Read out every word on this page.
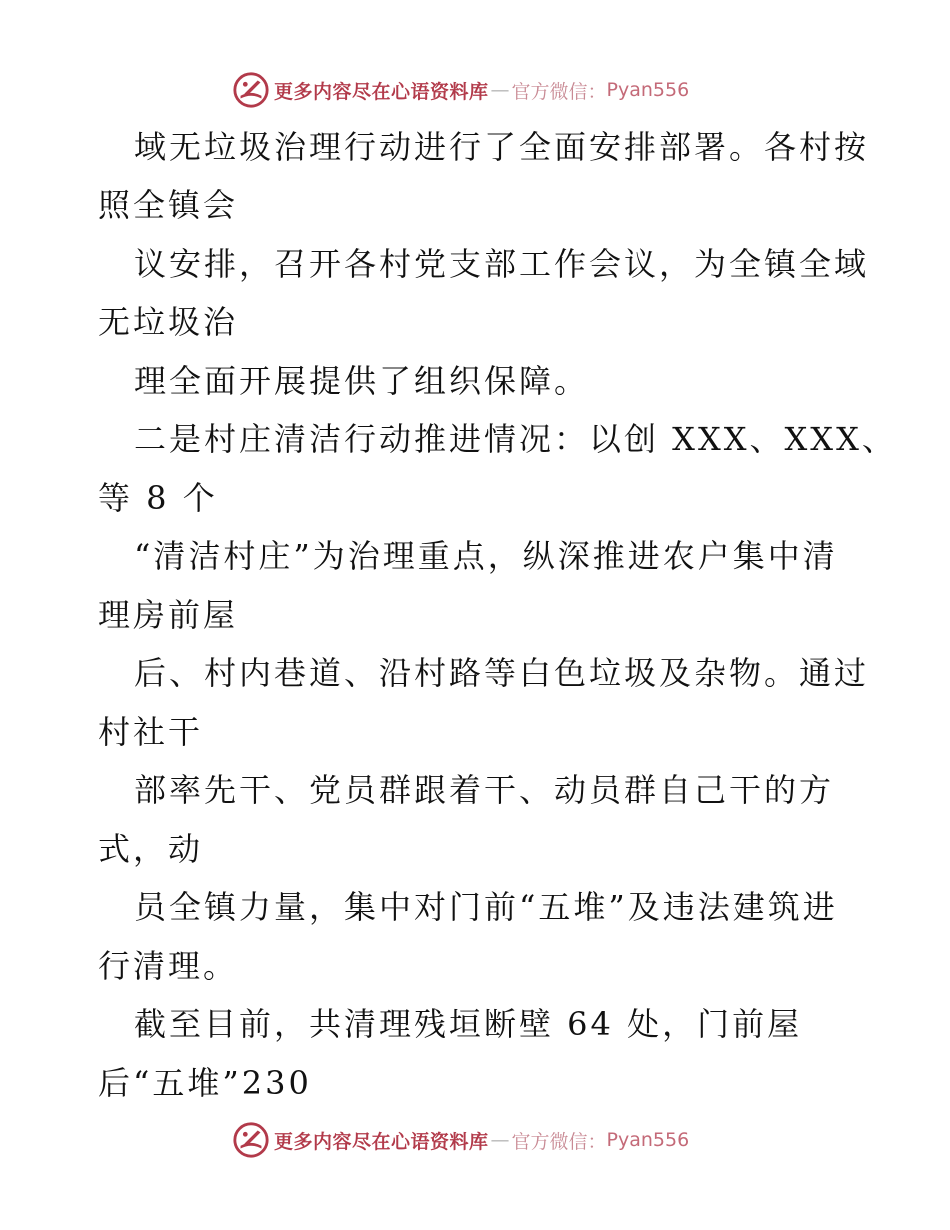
更多内容尽在心语资料库 — 官方微信： Pyan556
域无垃圾治理行动进行了全面安排部署。各村按
照全镇会
议安排，召开各村党支部工作会议，为全镇全域
无垃圾治
理全面开展提供了组织保障。
二是村庄清洁行动推进情况：以创 XXX、XXX、
等 8 个
“清洁村庄”为治理重点，纵深推进农户集中清
理房前屋
后、村内巷道、沿村路等白色垃圾及杂物。通过
村社干
部率先干、党员群跟着干、动员群自己干的方
式，动
员全镇力量，集中对门前“五堆”及违法建筑进
行清理。
截至目前，共清理残垣断壁 64 处，门前屋
后“五堆”230
更多内容尽在心语资料库 — 官方微信： Pyan556
